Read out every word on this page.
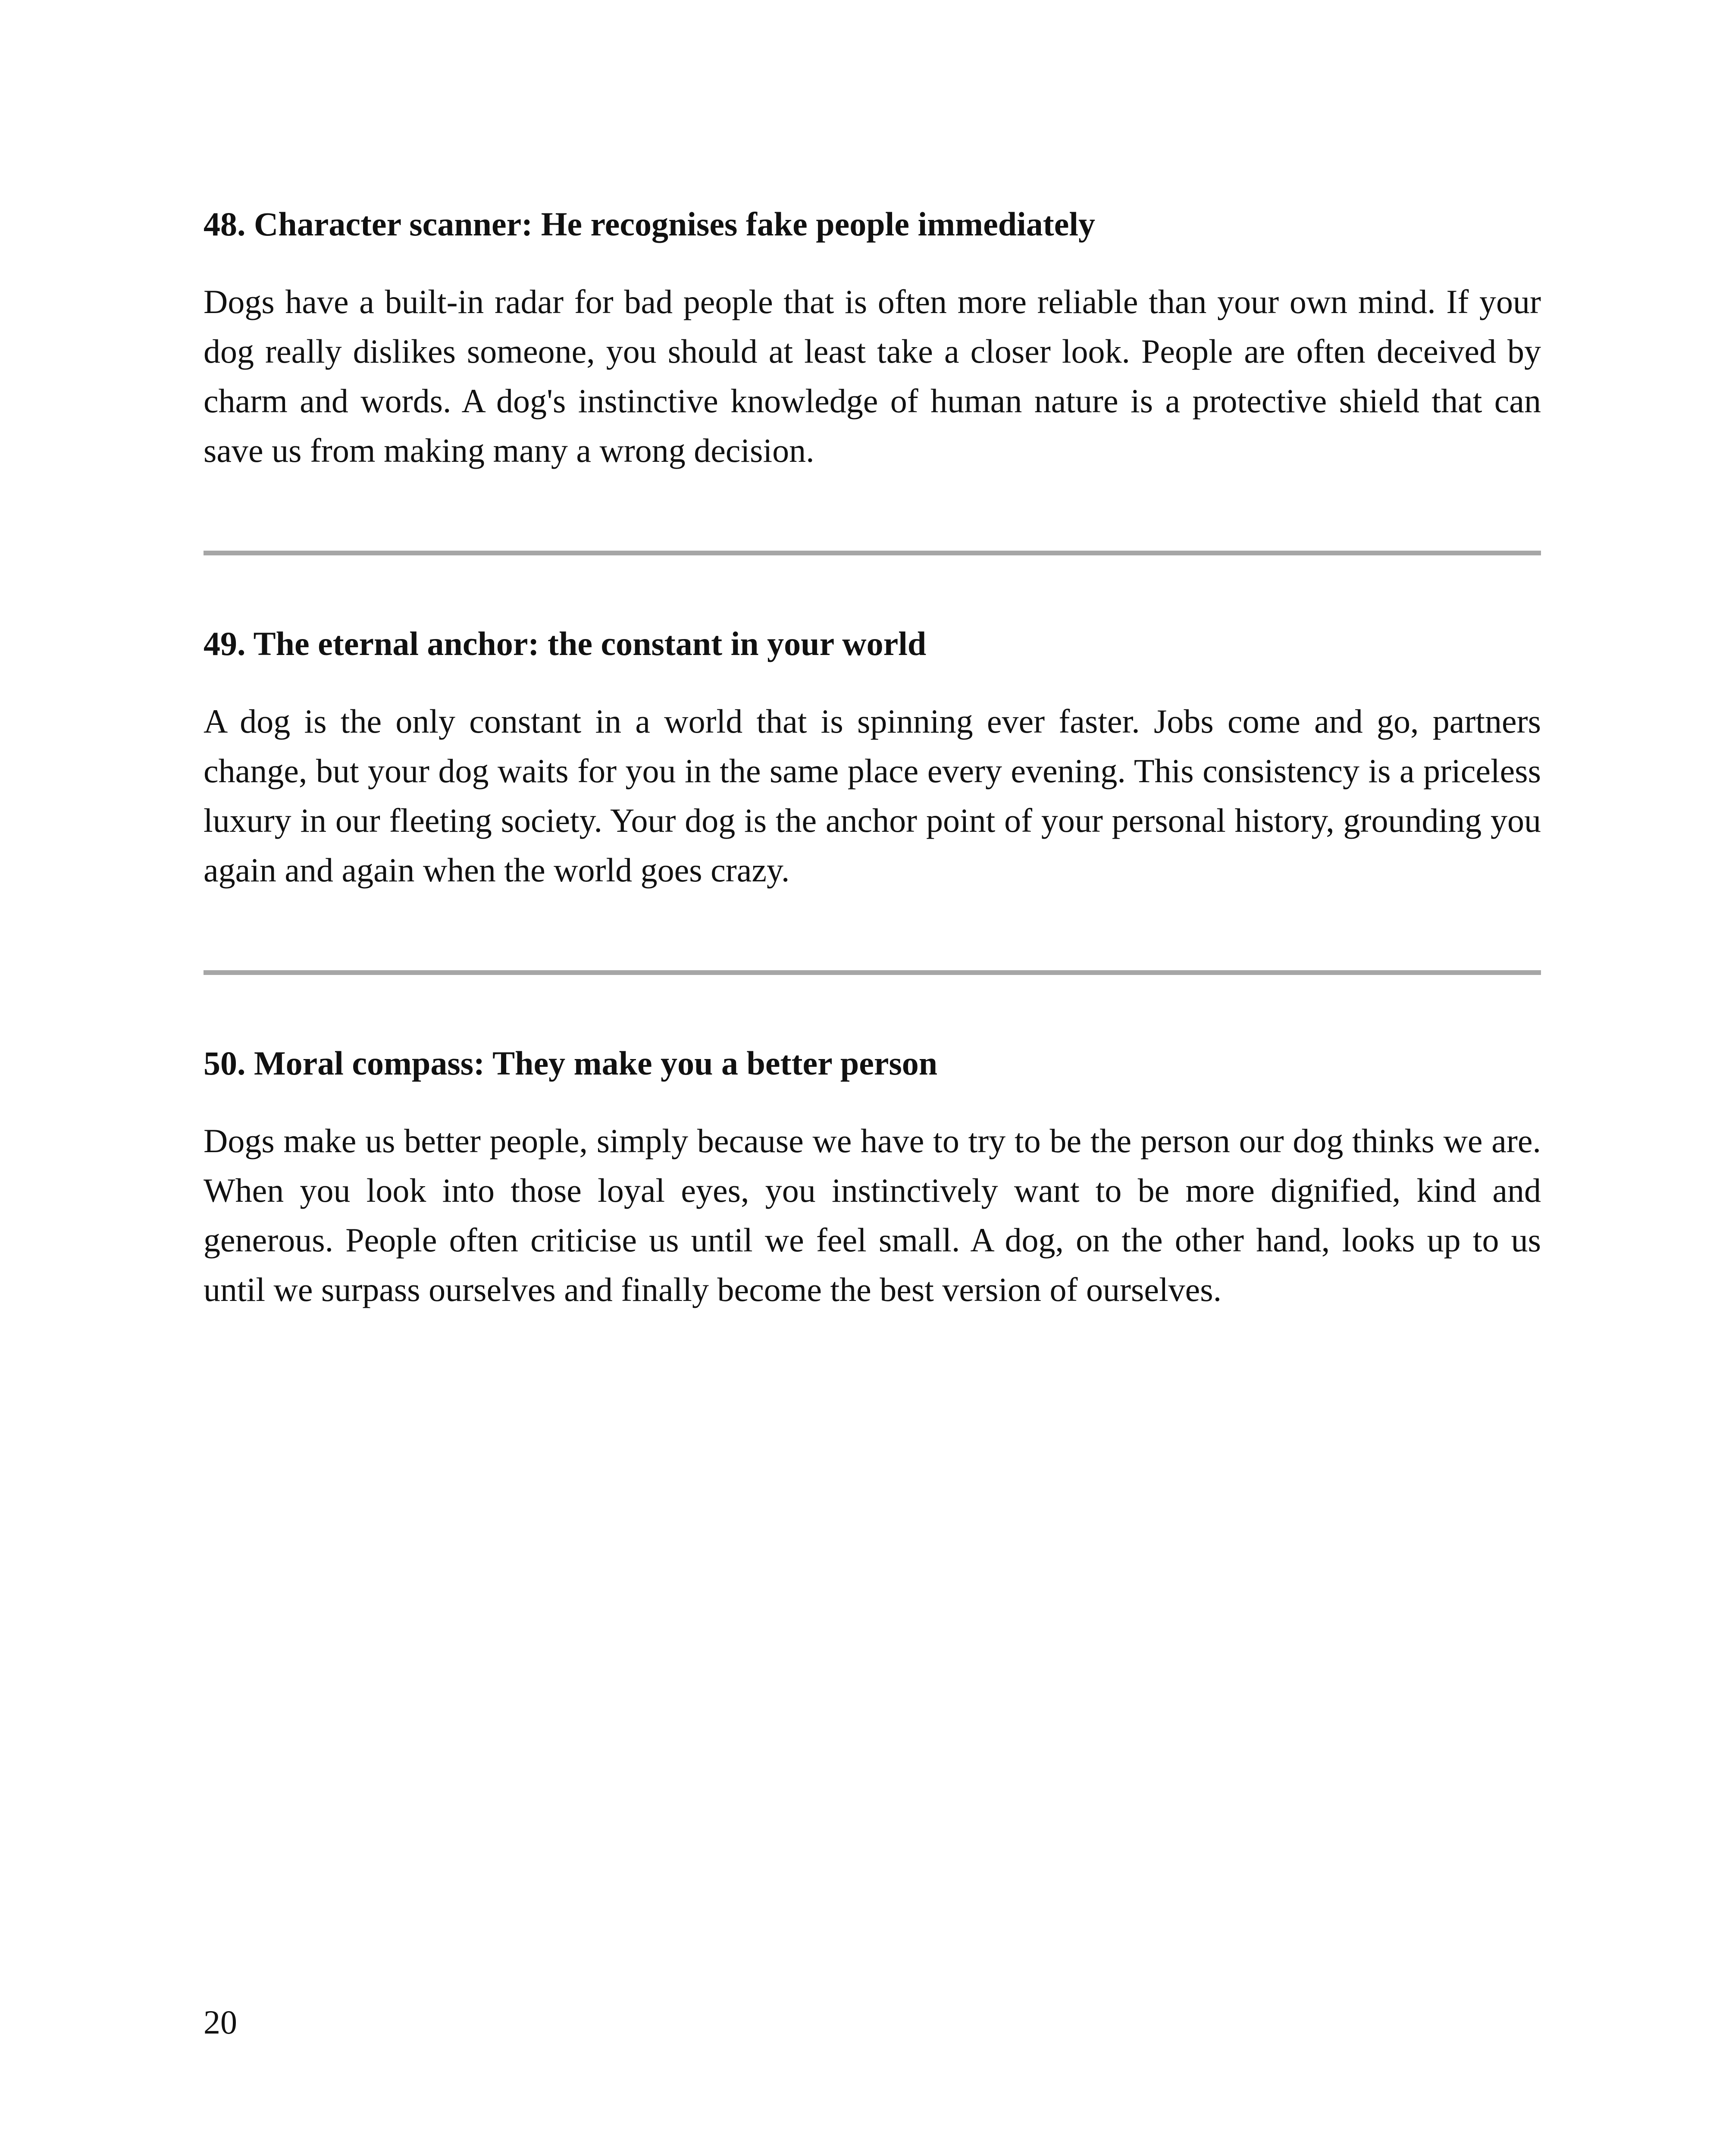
48. Character scanner: He recognises fake people immediately

Dogs have a built-in radar for bad people that is often more reliable than your own mind. If your dog really dislikes someone, you should at least take a closer look. People are often deceived by charm and words. A dog's instinctive knowledge of human nature is a protective shield that can save us from making many a wrong decision.

49. The eternal anchor: the constant in your world

A dog is the only constant in a world that is spinning ever faster. Jobs come and go, partners change, but your dog waits for you in the same place every evening. This consistency is a priceless luxury in our fleeting society. Your dog is the anchor point of your personal history, grounding you again and again when the world goes crazy.

50. Moral compass: They make you a better person

Dogs make us better people, simply because we have to try to be the person our dog thinks we are. When you look into those loyal eyes, you instinctively want to be more dignified, kind and generous. People often criticise us until we feel small. A dog, on the other hand, looks up to us until we surpass ourselves and finally become the best version of ourselves.

20
